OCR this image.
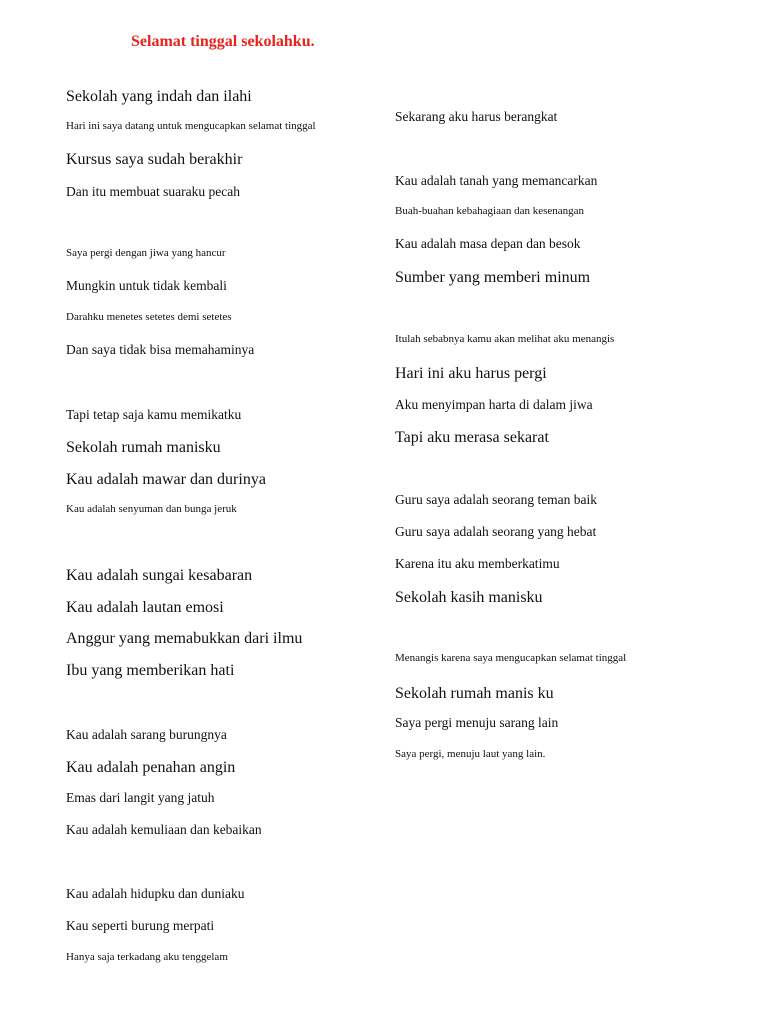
Selamat tinggal sekolahku.
Sekolah yang indah dan ilahi
Hari ini saya datang untuk mengucapkan selamat tinggal
Kursus saya sudah berakhir
Dan itu membuat suaraku pecah
Saya pergi dengan jiwa yang hancur
Mungkin untuk tidak kembali
Darahku menetes setetes demi setetes
Dan saya tidak bisa memahaminya
Tapi tetap saja kamu memikatku
Sekolah rumah manisku
Kau adalah mawar dan durinya
Kau adalah senyuman dan bunga jeruk
Kau adalah sungai kesabaran
Kau adalah lautan emosi
Anggur yang memabukkan dari ilmu
Ibu yang memberikan hati
Kau adalah sarang burungnya
Kau adalah penahan angin
Emas dari langit yang jatuh
Kau adalah kemuliaan dan kebaikan
Kau adalah hidupku dan duniaku
Kau seperti burung merpati
Hanya saja terkadang aku tenggelam
Sekarang aku harus berangkat
Kau adalah tanah yang memancarkan
Buah-buahan kebahagiaan dan kesenangan
Kau adalah masa depan dan besok
Sumber yang memberi minum
Itulah sebabnya kamu akan melihat aku menangis
Hari ini aku harus pergi
Aku menyimpan harta di dalam jiwa
Tapi aku merasa sekarat
Guru saya adalah seorang teman baik
Guru saya adalah seorang yang hebat
Karena itu aku memberkatimu
Sekolah kasih manisku
Menangis karena saya mengucapkan selamat tinggal
Sekolah rumah manis ku
Saya pergi menuju sarang lain
Saya pergi, menuju laut yang lain.
